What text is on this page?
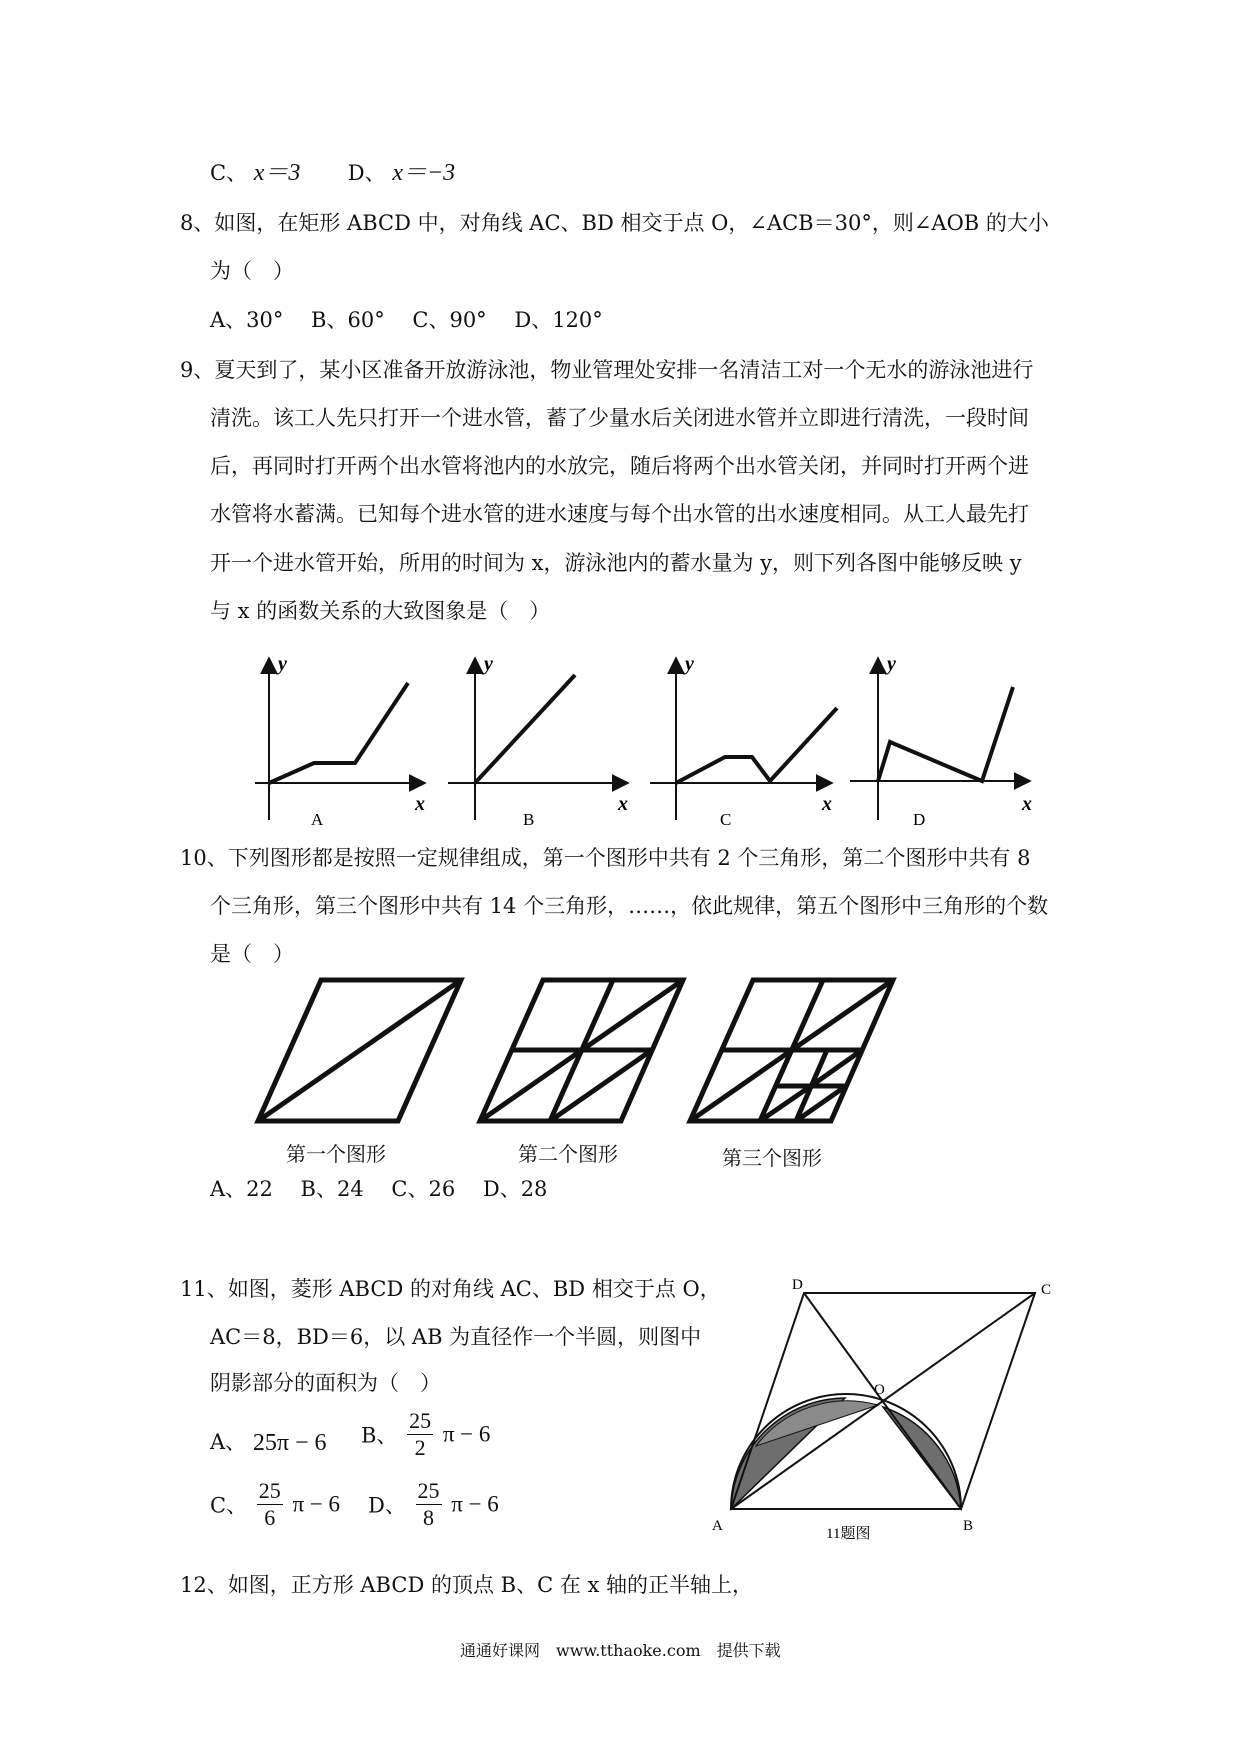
C、 x＝3 D、 x＝−3
8、如图，在矩形 ABCD 中，对角线 AC、BD 相交于点 O，∠ACB＝30°，则∠AOB 的大小
为（　）
A、30°　 B、60°　 C、90°　 D、120°
9、夏天到了，某小区准备开放游泳池，物业管理处安排一名清洁工对一个无水的游泳池进行
清洗。该工人先只打开一个进水管，蓄了少量水后关闭进水管并立即进行清洗，一段时间
后，再同时打开两个出水管将池内的水放完，随后将两个出水管关闭，并同时打开两个进
水管将水蓄满。已知每个进水管的进水速度与每个出水管的出水速度相同。从工人最先打
开一个进水管开始，所用的时间为 x，游泳池内的蓄水量为 y，则下列各图中能够反映 y
与 x 的函数关系的大致图象是（　）
y
x
A
y
x
B
y
x
C
y
x
D
10、下列图形都是按照一定规律组成，第一个图形中共有 2 个三角形，第二个图形中共有 8
个三角形，第三个图形中共有 14 个三角形，……，依此规律，第五个图形中三角形的个数
是（　）
第一个图形	第二个图形	第三个图形
A、22　 B、24　 C、26　 D、28
11、如图，菱形 ABCD 的对角线 AC、BD 相交于点 O，
AC＝8，BD＝6，以 AB 为直径作一个半圆，则图中
阴影部分的面积为（　）
A、 25π − 6 B、 $\frac{25}{2}$ π − 6
C、 $\frac{25}{6}$ π − 6 D、 $\frac{25}{8}$ π − 6
D	C
O
A	B
11题图
12、如图，正方形 ABCD 的顶点 B、C 在 x 轴的正半轴上，
通通好课网　www.tthaoke.com　提供下载
